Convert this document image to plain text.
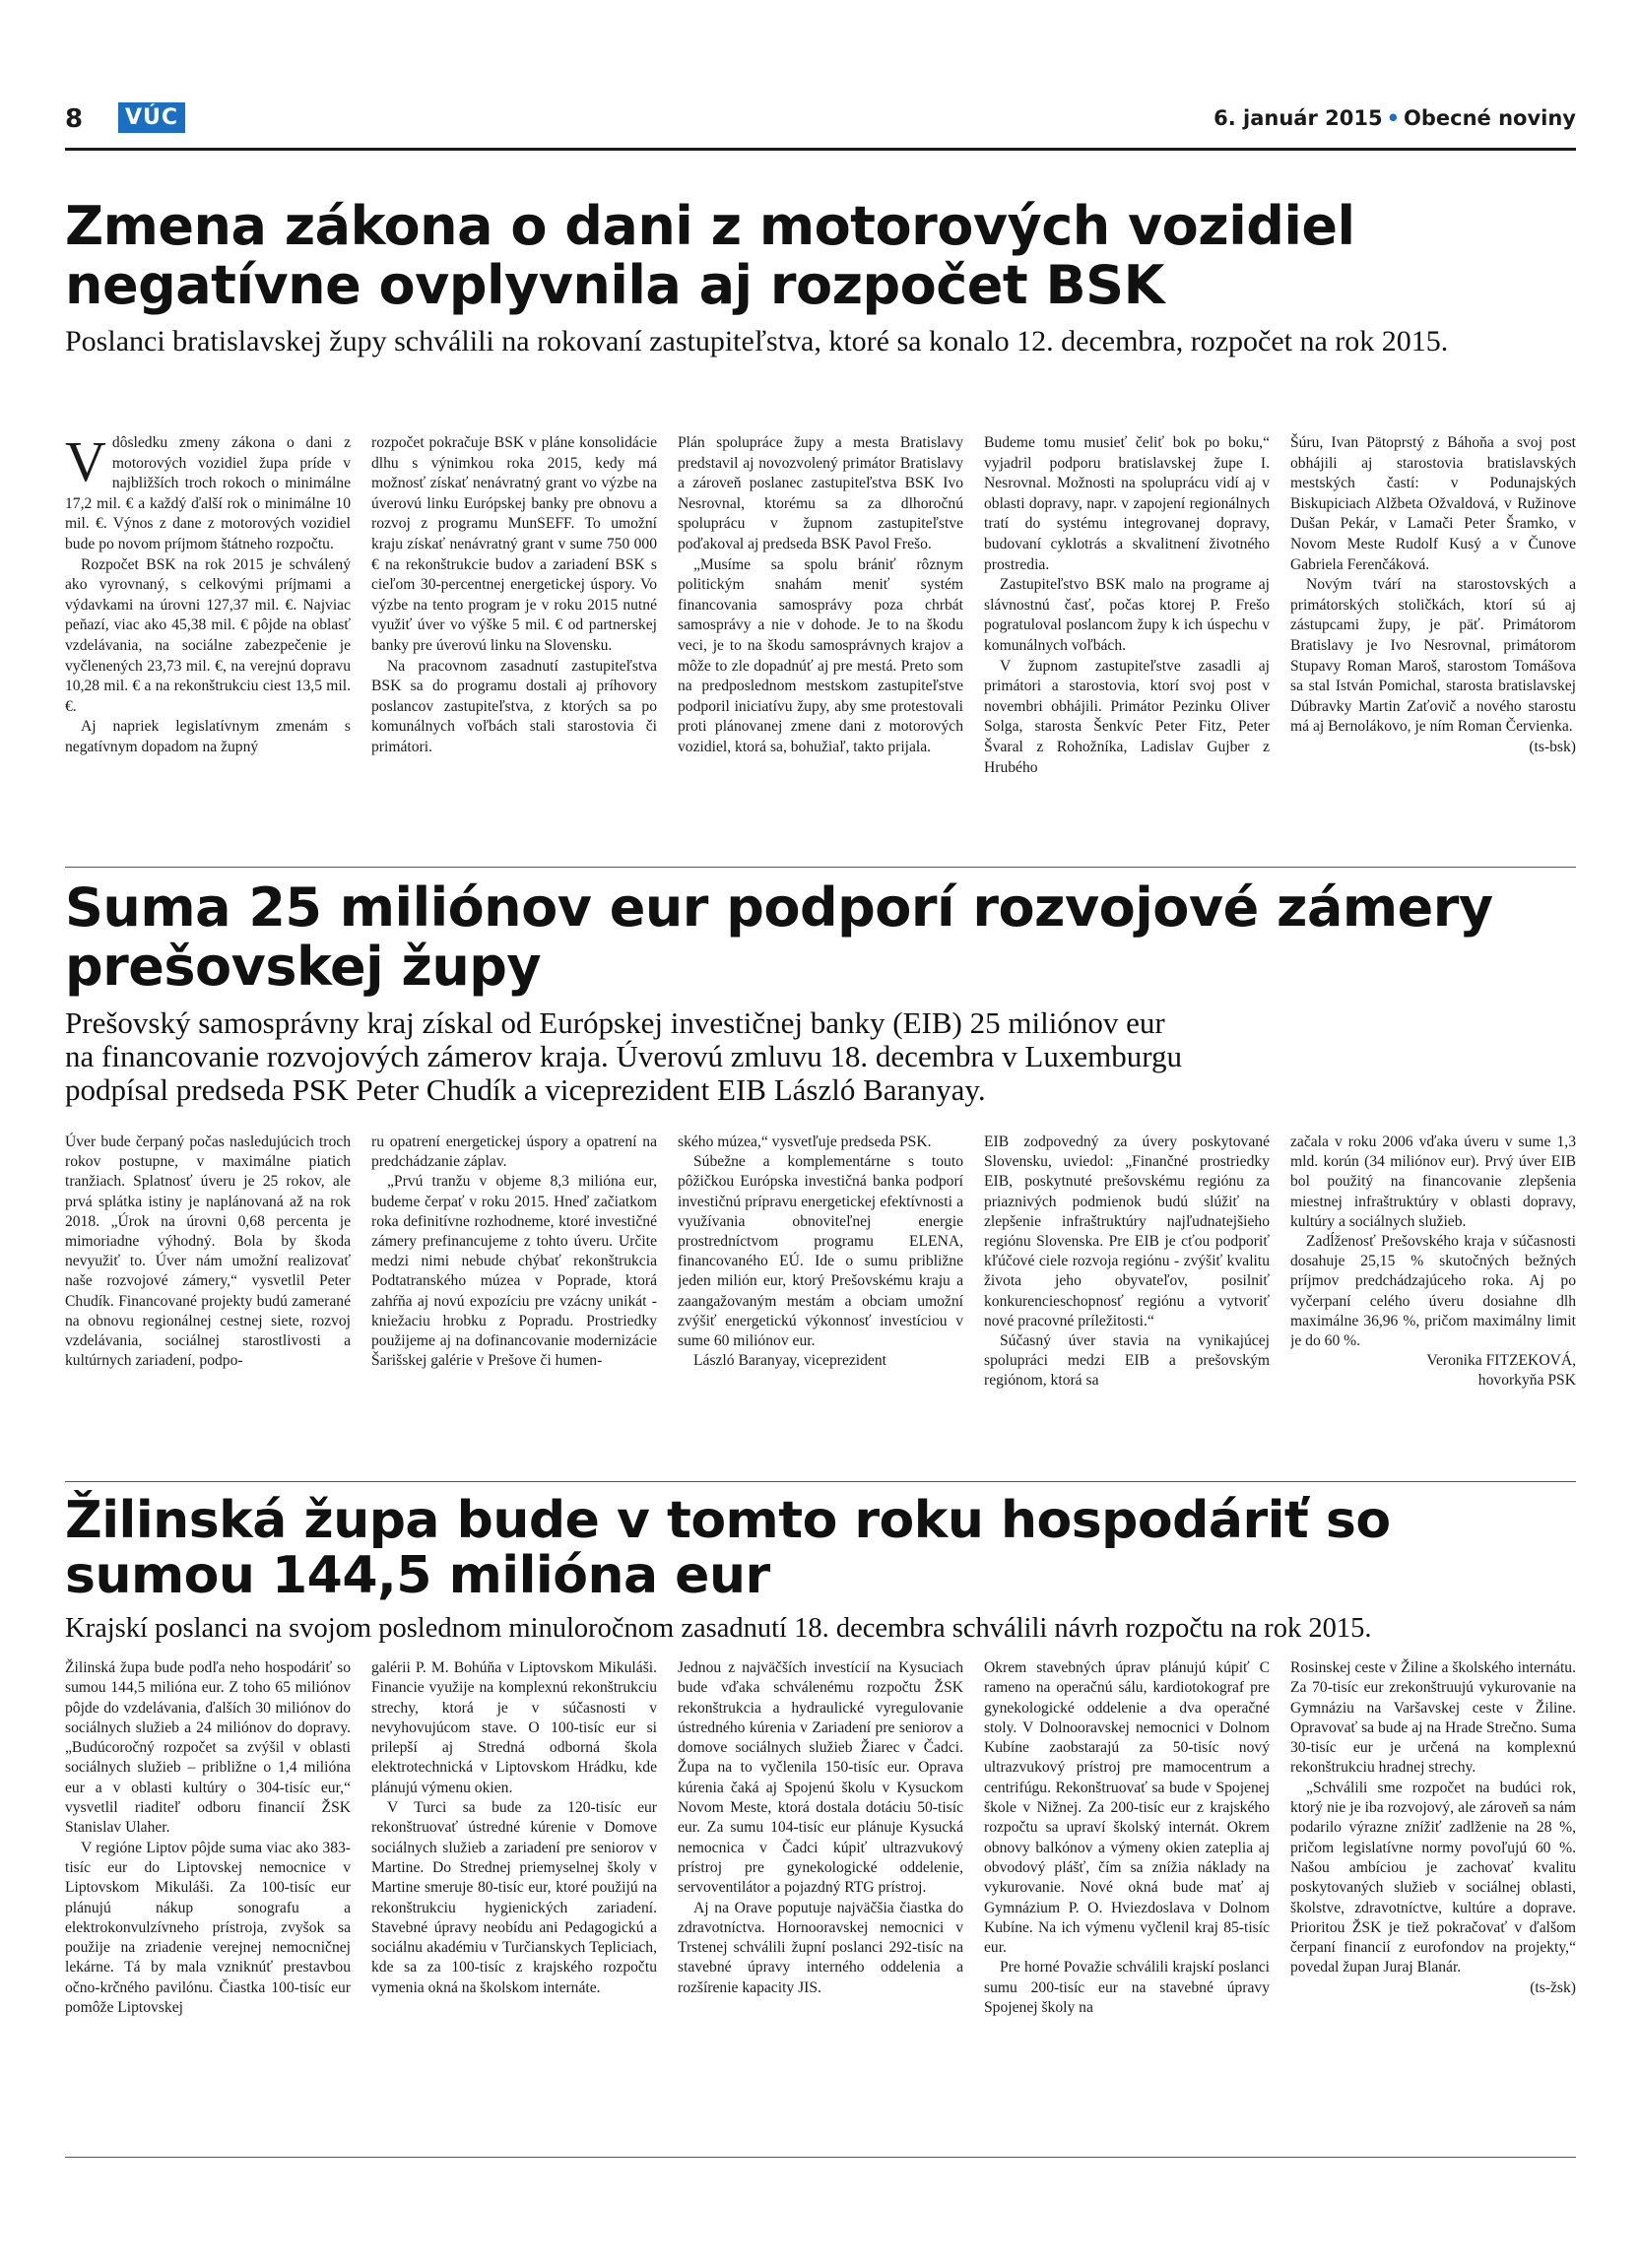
8	VÚC	6. január 2015 • Obecné noviny
Zmena zákona o dani z motorových vozidiel negatívne ovplyvnila aj rozpočet BSK
Poslanci bratislavskej župy schválili na rokovaní zastupiteľstva, ktoré sa konalo 12. decembra, rozpočet na rok 2015.

Vdôsledku zmeny zákona o dani z motorových vozidiel župa príde v najbližších troch rokoch o minimálne 17,2 mil. € a každý ďalší rok o minimálne 10 mil. €. Výnos z dane z motorových vozidiel bude po novom príjmom štátneho rozpočtu.

Rozpočet BSK na rok 2015 je schválený ako vyrovnaný, s celkovými príjmami a výdavkami na úrovni 127,37 mil. €. Najviac peňazí, viac ako 45,38 mil. € pôjde na oblasť vzdelávania, na sociálne zabezpečenie je vyčlenených 23,73 mil. €, na verejnú dopravu 10,28 mil. € a na rekonštrukciu ciest 13,5 mil. €.

Aj napriek legislatívnym zmenám s negatívnym dopadom na župný

rozpočet pokračuje BSK v pláne konsolidácie dlhu s výnimkou roka 2015, kedy má možnosť získať nenávratný grant vo výzbe na úverovú linku Európskej banky pre obnovu a rozvoj z programu MunSEFF. To umožní kraju získať nenávratný grant v sume 750 000 € na rekonštrukcie budov a zariadení BSK s cieľom 30-percentnej energetickej úspory. Vo výzbe na tento program je v roku 2015 nutné využiť úver vo výške 5 mil. € od partnerskej banky pre úverovú linku na Slovensku.

Na pracovnom zasadnutí zastupiteľstva BSK sa do programu dostali aj príhovory poslancov zastupiteľstva, z ktorých sa po komunálnych voľbách stali starostovia či primátori.

Plán spolupráce župy a mesta Bratislavy predstavil aj novozvolený primátor Bratislavy a zároveň poslanec zastupiteľstva BSK Ivo Nesrovnal, ktorému sa za dlhoročnú spoluprácu v župnom zastupiteľstve poďakoval aj predseda BSK Pavol Frešo.

„Musíme sa spolu brániť rôznym politickým snahám meniť systém financovania samosprávy poza chrbát samosprávy a nie v dohode. Je to na škodu veci, je to na škodu samosprávnych krajov a môže to zle dopadnúť aj pre mestá. Preto som na predposlednom mestskom zastupiteľstve podporil iniciatívu župy, aby sme protestovali proti plánovanej zmene dani z motorových vozidiel, ktorá sa, bohužiaľ, takto prijala.

Budeme tomu musieť čeliť bok po boku,“ vyjadril podporu bratislavskej župe I. Nesrovnal. Možnosti na spoluprácu vidí aj v oblasti dopravy, napr. v zapojení regionálnych tratí do systému integrovanej dopravy, budovaní cyklotrás a skvalitnení životného prostredia.

Zastupiteľstvo BSK malo na programe aj slávnostnú časť, počas ktorej P. Frešo pogratuloval poslancom župy k ich úspechu v komunálnych voľbách.

V župnom zastupiteľstve zasadli aj primátori a starostovia, ktorí svoj post v novembri obhájili. Primátor Pezinku Oliver Solga, starosta Šenkvíc Peter Fitz, Peter Švaral z Rohožníka, Ladislav Gujber z Hrubého

Šúru, Ivan Pätoprstý z Báhoňa a svoj post obhájili aj starostovia bratislavských mestských častí: v Podunajských Biskupiciach Alžbeta Ožvaldová, v Ružinove Dušan Pekár, v Lamači Peter Šramko, v Novom Meste Rudolf Kusý a v Čunove Gabriela Ferenčáková.

Novým tvárí na starostovských a primátorských stoličkách, ktorí sú aj zástupcami župy, je päť. Primátorom Bratislavy je Ivo Nesrovnal, primátorom Stupavy Roman Maroš, starostom Tomášova sa stal István Pomichal, starosta bratislavskej Dúbravky Martin Zaťovič a nového starostu má aj Bernolákovo, je ním Roman Červienka.

(ts-bsk)

Suma 25 miliónov eur podporí rozvojové zámery prešovskej župy
Prešovský samosprávny kraj získal od Európskej investičnej banky (EIB) 25 miliónov eur na financovanie rozvojových zámerov kraja. Úverovú zmluvu 18. decembra v Luxemburgu podpísal predseda PSK Peter Chudík a viceprezident EIB László Baranyay.

Úver bude čerpaný počas nasledujúcich troch rokov postupne, v maximálne piatich tranžiach. Splatnosť úveru je 25 rokov, ale prvá splátka istiny je naplánovaná až na rok 2018. „Úrok na úrovni 0,68 percenta je mimoriadne výhodný. Bola by škoda nevyužiť to. Úver nám umožní realizovať naše rozvojové zámery,“ vysvetlil Peter Chudík. Financované projekty budú zamerané na obnovu regionálnej cestnej siete, rozvoj vzdelávania, sociálnej starostlivosti a kultúrnych zariadení, podpo-

ru opatrení energetickej úspory a opatrení na predchádzanie záplav.

„Prvú tranžu v objeme 8,3 milióna eur, budeme čerpať v roku 2015. Hneď začiatkom roka definitívne rozhodneme, ktoré investičné zámery prefinancujeme z tohto úveru. Určite medzi nimi nebude chýbať rekonštrukcia Podtatranského múzea v Poprade, ktorá zahŕňa aj novú expozíciu pre vzácny unikát - kniežaciu hrobku z Popradu. Prostriedky použijeme aj na dofinancovanie modernizácie Šarišskej galérie v Prešove či humen-

ského múzea,“ vysvetľuje predseda PSK.

Súbežne a komplementárne s touto pôžičkou Európska investičná banka podporí investičnú prípravu energetickej efektívnosti a využívania obnoviteľnej energie prostredníctvom programu ELENA, financovaného EÚ. Ide o sumu približne jeden milión eur, ktorý Prešovskému kraju a zaangažovaným mestám a obciam umožní zvýšiť energetickú výkonnosť investíciou v sume 60 miliónov eur.

László Baranyay, viceprezident

EIB zodpovedný za úvery poskytované Slovensku, uviedol: „Finančné prostriedky EIB, poskytnuté prešovskému regiónu za priaznivých podmienok budú slúžiť na zlepšenie infraštruktúry najľudnatejšieho regiónu Slovenska. Pre EIB je cťou podporiť kľúčové ciele rozvoja regiónu - zvýšiť kvalitu života jeho obyvateľov, posilniť konkurencieschopnosť regiónu a vytvoriť nové pracovné príležitosti.“

Súčasný úver stavia na vynikajúcej spolupráci medzi EIB a prešovským regiónom, ktorá sa

začala v roku 2006 vďaka úveru v sume 1,3 mld. korún (34 miliónov eur). Prvý úver EIB bol použitý na financovanie zlepšenia miestnej infraštruktúry v oblasti dopravy, kultúry a sociálnych služieb.

Zadĺženosť Prešovského kraja v súčasnosti dosahuje 25,15 % skutočných bežných príjmov predchádzajúceho roka. Aj po vyčerpaní celého úveru dosiahne dlh maximálne 36,96 %, pričom maximálny limit je do 60 %.

Veronika FITZEKOVÁ,

hovorkyňa PSK

Žilinská župa bude v tomto roku hospodáriť so sumou 144,5 milióna eur
Krajskí poslanci na svojom poslednom minuloročnom zasadnutí 18. decembra schválili návrh rozpočtu na rok 2015.

Žilinská župa bude podľa neho hospodáriť so sumou 144,5 milióna eur. Z toho 65 miliónov pôjde do vzdelávania, ďalších 30 miliónov do sociálnych služieb a 24 miliónov do dopravy. „Budúcoročný rozpočet sa zvýšil v oblasti sociálnych služieb – približne o 1,4 milióna eur a v oblasti kultúry o 304-tisíc eur,“ vysvetlil riaditeľ odboru financií ŽSK Stanislav Ulaher.

V regióne Liptov pôjde suma viac ako 383-tisíc eur do Liptovskej nemocnice v Liptovskom Mikuláši. Za 100-tisíc eur plánujú nákup sonografu a elektrokonvulzívneho prístroja, zvyšok sa použije na zriadenie verejnej nemocničnej lekárne. Tá by mala vzniknúť prestavbou očno-krčného pavilónu. Čiastka 100-tisíc eur pomôže Liptovskej

galérii P. M. Bohúňa v Liptovskom Mikuláši. Financie využije na komplexnú rekonštrukciu strechy, ktorá je v súčasnosti v nevyhovujúcom stave. O 100-tisíc eur si prilepší aj Stredná odborná škola elektrotechnická v Liptovskom Hrádku, kde plánujú výmenu okien.

V Turci sa bude za 120-tisíc eur rekonštruovať ústredné kúrenie v Domove sociálnych služieb a zariadení pre seniorov v Martine. Do Strednej priemyselnej školy v Martine smeruje 80-tisíc eur, ktoré použijú na rekonštrukciu hygienických zariadení. Stavebné úpravy neobídu ani Pedagogickú a sociálnu akadémiu v Turčianskych Tepliciach, kde sa za 100-tisíc z krajského rozpočtu vymenia okná na školskom internáte.

Jednou z najväčších investícií na Kysuciach bude vďaka schválenému rozpočtu ŽSK rekonštrukcia a hydraulické vyregulovanie ústredného kúrenia v Zariadení pre seniorov a domove sociálnych služieb Žiarec v Čadci. Župa na to vyčlenila 150-tisíc eur. Oprava kúrenia čaká aj Spojenú školu v Kysuckom Novom Meste, ktorá dostala dotáciu 50-tisíc eur. Za sumu 104-tisíc eur plánuje Kysucká nemocnica v Čadci kúpiť ultrazvukový prístroj pre gynekologické oddelenie, servoventilátor a pojazdný RTG prístroj.

Aj na Orave poputuje najväčšia čiastka do zdravotníctva. Hornooravskej nemocnici v Trstenej schválili župní poslanci 292-tisíc na stavebné úpravy interného oddelenia a rozšírenie kapacity JIS.

Okrem stavebných úprav plánujú kúpiť C rameno na operačnú sálu, kardiotokograf pre gynekologické oddelenie a dva operačné stoly. V Dolnooravskej nemocnici v Dolnom Kubíne zaobstarajú za 50-tisíc nový ultrazvukový prístroj pre mamocentrum a centrifúgu. Rekonštruovať sa bude v Spojenej škole v Nižnej. Za 200-tisíc eur z krajského rozpočtu sa upraví školský internát. Okrem obnovy balkónov a výmeny okien zateplia aj obvodový plášť, čím sa znížia náklady na vykurovanie. Nové okná bude mať aj Gymnázium P. O. Hviezdoslava v Dolnom Kubíne. Na ich výmenu vyčlenil kraj 85-tisíc eur.

Pre horné Považie schválili krajskí poslanci sumu 200-tisíc eur na stavebné úpravy Spojenej školy na

Rosinskej ceste v Žiline a školského internátu. Za 70-tisíc eur zrekonštruujú vykurovanie na Gymnáziu na Varšavskej ceste v Žiline. Opravovať sa bude aj na Hrade Strečno. Suma 30-tisíc eur je určená na komplexnú rekonštrukciu hradnej strechy.

„Schválili sme rozpočet na budúci rok, ktorý nie je iba rozvojový, ale zároveň sa nám podarilo výrazne znížiť zadlženie na 28 %, pričom legislatívne normy povoľujú 60 %. Našou ambíciou je zachovať kvalitu poskytovaných služieb v sociálnej oblasti, školstve, zdravotníctve, kultúre a doprave. Prioritou ŽSK je tiež pokračovať v ďalšom čerpaní financií z eurofondov na projekty,“ povedal župan Juraj Blanár.

(ts-žsk)
